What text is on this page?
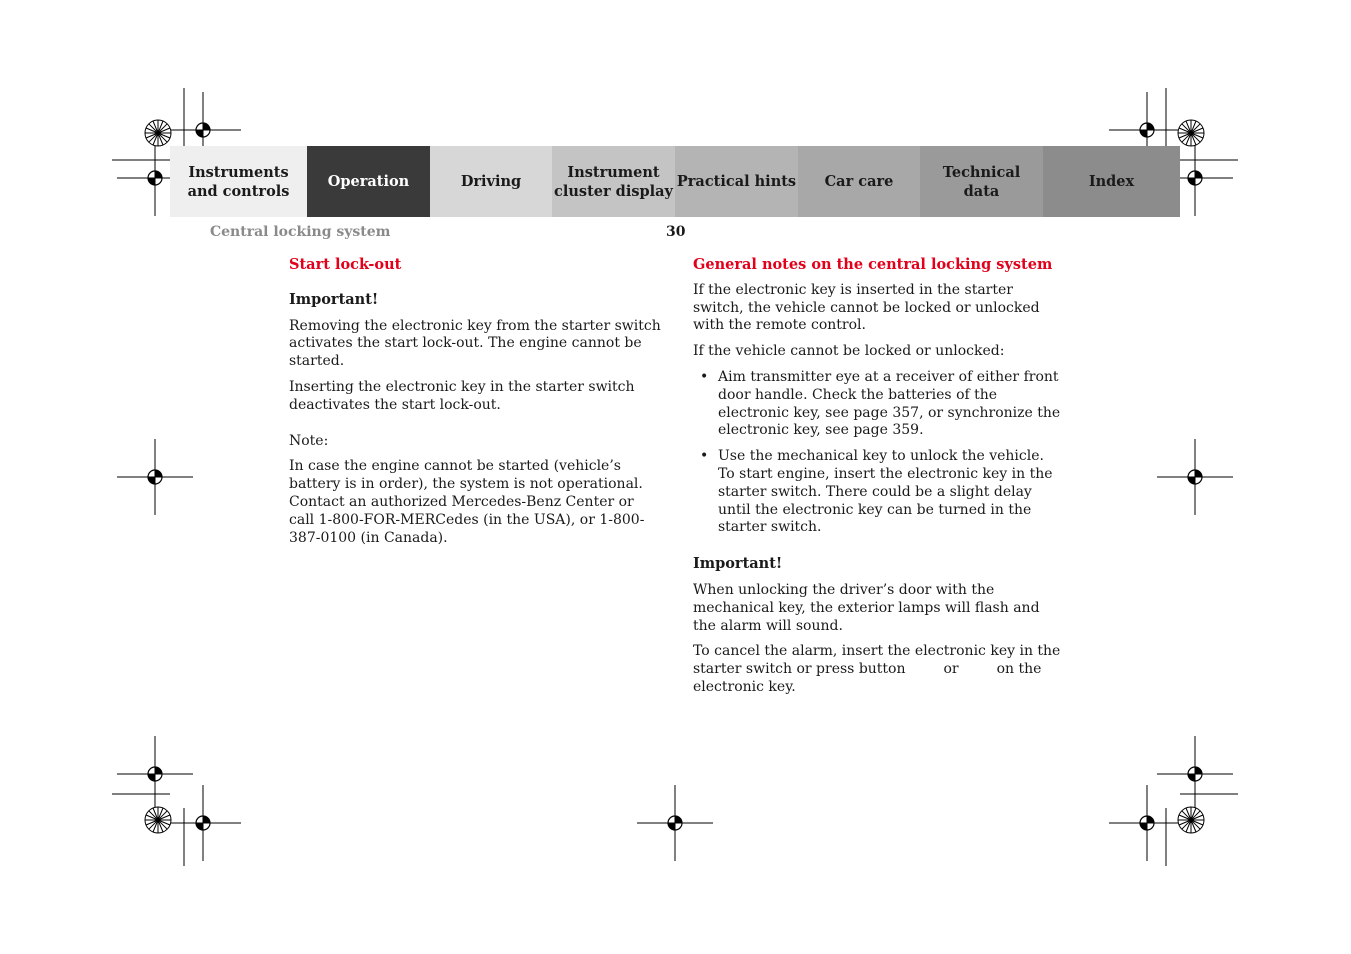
Instruments
and controls
Operation	Driving
Instrument
cluster display
Practical hints Car care
Technical
data
Index
Central locking system	30
Start lock-out
Important!

Removing the electronic key from the starter switch activates the start lock-out. The engine cannot be started.

Inserting the electronic key in the starter switch deactivates the start lock-out.

Note:

In case the engine cannot be started (vehicle’s battery is in order), the system is not operational. Contact an authorized Mercedes-Benz Center or call 1-800-FOR-MERCedes (in the USA), or 1-800-387-0100 (in Canada).

General notes on the central locking system

If the electronic key is inserted in the starter switch, the vehicle cannot be locked or unlocked with the remote control.

If the vehicle cannot be locked or unlocked:

• Aim transmitter eye at a receiver of either front door handle. Check the batteries of the electronic key, see page 357, or synchronize the electronic key, see page 359.
• Use the mechanical key to unlock the vehicle. To start engine, insert the electronic key in the starter switch. There could be a slight delay until the electronic key can be turned in the starter switch.
Important!

When unlocking the driver’s door with the mechanical key, the exterior lamps will flash and the alarm will sound.

To cancel the alarm, insert the electronic key in the starter switch or press button	or	on the electronic key.
